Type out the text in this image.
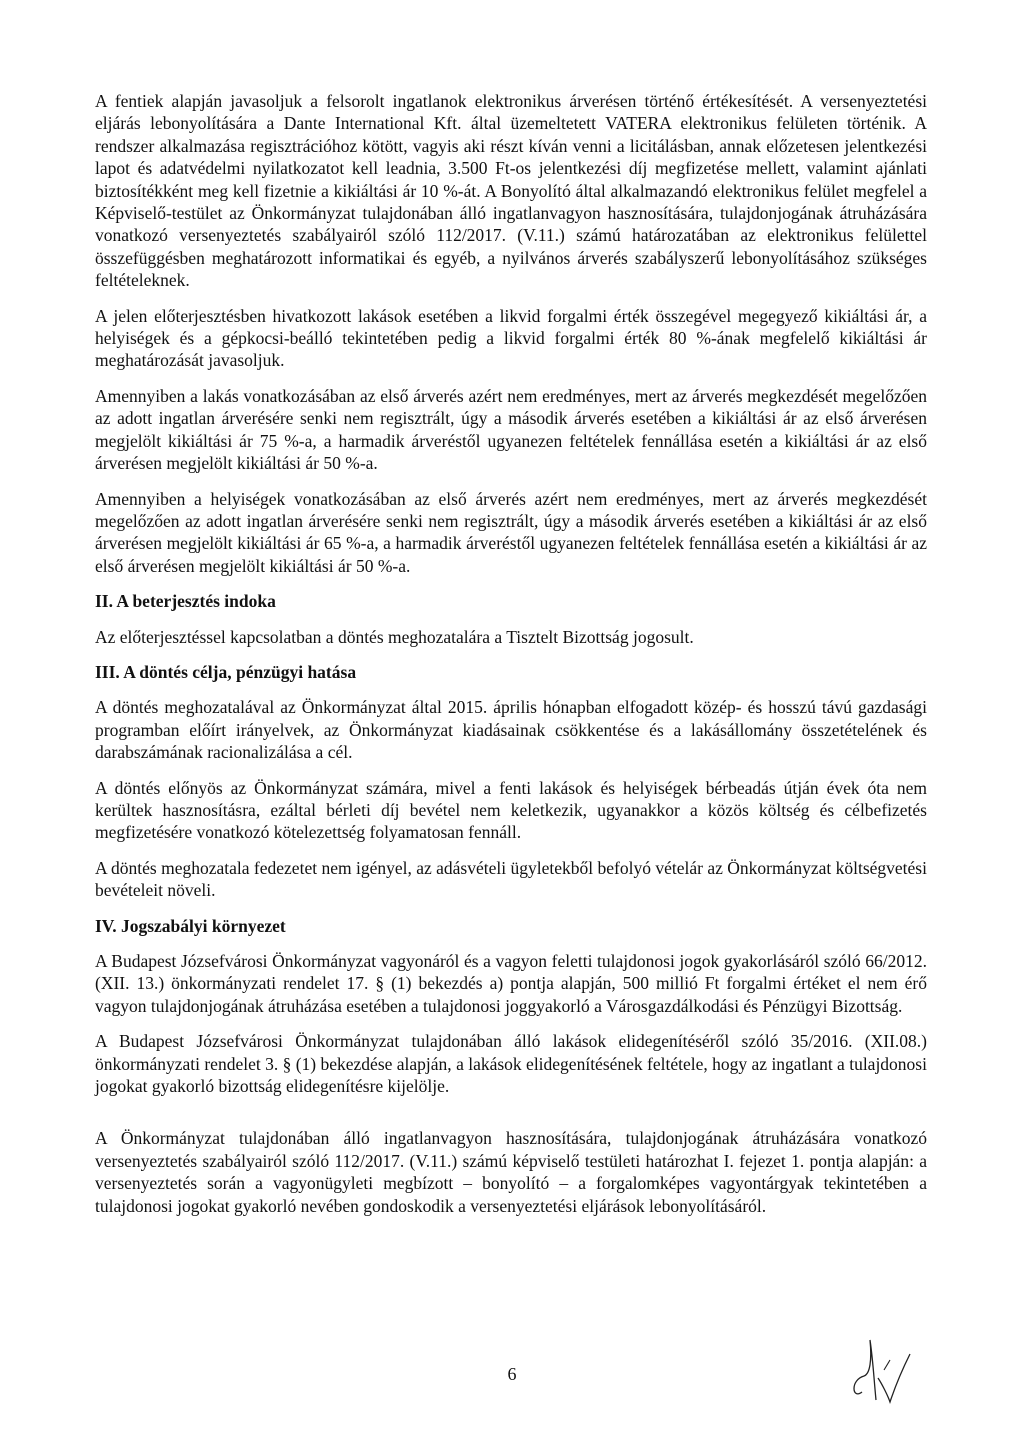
A fentiek alapján javasoljuk a felsorolt ingatlanok elektronikus árverésen történő értékesítését. A versenyeztetési eljárás lebonyolítására a Dante International Kft. által üzemeltetett VATERA elektronikus felületen történik. A rendszer alkalmazása regisztrációhoz kötött, vagyis aki részt kíván venni a licitálásban, annak előzetesen jelentkezési lapot és adatvédelmi nyilatkozatot kell leadnia, 3.500 Ft-os jelentkezési díj megfizetése mellett, valamint ajánlati biztosítékként meg kell fizetnie a kikiáltási ár 10 %-át. A Bonyolító által alkalmazandó elektronikus felület megfelel a Képviselő-testület az Önkormányzat tulajdonában álló ingatlanvagyon hasznosítására, tulajdonjogának átruházására vonatkozó versenyeztetés szabályairól szóló 112/2017. (V.11.) számú határozatában az elektronikus felülettel összefüggésben meghatározott informatikai és egyéb, a nyilvános árverés szabályszerű lebonyolításához szükséges feltételeknek.

A jelen előterjesztésben hivatkozott lakások esetében a likvid forgalmi érték összegével megegyező kikiáltási ár, a helyiségek és a gépkocsi-beálló tekintetében pedig a likvid forgalmi érték 80 %-ának megfelelő kikiáltási ár meghatározását javasoljuk.

Amennyiben a lakás vonatkozásában az első árverés azért nem eredményes, mert az árverés megkezdését megelőzően az adott ingatlan árverésére senki nem regisztrált, úgy a második árverés esetében a kikiáltási ár az első árverésen megjelölt kikiáltási ár 75 %-a, a harmadik árveréstől ugyanezen feltételek fennállása esetén a kikiáltási ár az első árverésen megjelölt kikiáltási ár 50 %-a.

Amennyiben a helyiségek vonatkozásában az első árverés azért nem eredményes, mert az árverés megkezdését megelőzően az adott ingatlan árverésére senki nem regisztrált, úgy a második árverés esetében a kikiáltási ár az első árverésen megjelölt kikiáltási ár 65 %-a, a harmadik árveréstől ugyanezen feltételek fennállása esetén a kikiáltási ár az első árverésen megjelölt kikiáltási ár 50 %-a.

II. A beterjesztés indoka

Az előterjesztéssel kapcsolatban a döntés meghozatalára a Tisztelt Bizottság jogosult.

III. A döntés célja, pénzügyi hatása

A döntés meghozatalával az Önkormányzat által 2015. április hónapban elfogadott közép- és hosszú távú gazdasági programban előírt irányelvek, az Önkormányzat kiadásainak csökkentése és a lakásállomány összetételének és darabszámának racionalizálása a cél.

A döntés előnyös az Önkormányzat számára, mivel a fenti lakások és helyiségek bérbeadás útján évek óta nem kerültek hasznosításra, ezáltal bérleti díj bevétel nem keletkezik, ugyanakkor a közös költség és célbefizetés megfizetésére vonatkozó kötelezettség folyamatosan fennáll.

A döntés meghozatala fedezetet nem igényel, az adásvételi ügyletekből befolyó vételár az Önkormányzat költségvetési bevételeit növeli.

IV. Jogszabályi környezet

A Budapest Józsefvárosi Önkormányzat vagyonáról és a vagyon feletti tulajdonosi jogok gyakorlásáról szóló 66/2012. (XII. 13.) önkormányzati rendelet 17. § (1) bekezdés a) pontja alapján, 500 millió Ft forgalmi értéket el nem érő vagyon tulajdonjogának átruházása esetében a tulajdonosi joggyakorló a Városgazdálkodási és Pénzügyi Bizottság.

A Budapest Józsefvárosi Önkormányzat tulajdonában álló lakások elidegenítéséről szóló 35/2016. (XII.08.) önkormányzati rendelet 3. § (1) bekezdése alapján, a lakások elidegenítésének feltétele, hogy az ingatlant a tulajdonosi jogokat gyakorló bizottság elidegenítésre kijelölje.

A Önkormányzat tulajdonában álló ingatlanvagyon hasznosítására, tulajdonjogának átruházására vonatkozó versenyeztetés szabályairól szóló 112/2017. (V.11.) számú képviselő testületi határozhat I. fejezet 1. pontja alapján: a versenyeztetés során a vagyonügyleti megbízott – bonyolító – a forgalomképes vagyontárgyak tekintetében a tulajdonosi jogokat gyakorló nevében gondoskodik a versenyeztetési eljárások lebonyolításáról.

6
